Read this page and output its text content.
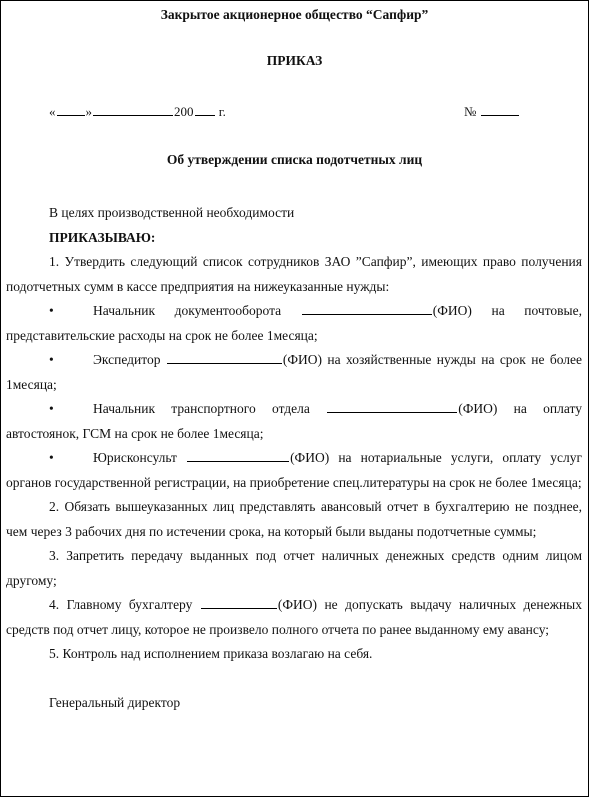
Закрытое акционерное общество “Сапфир”
ПРИКАЗ
« »	200 г.	№
Об утверждении списка подотчетных лиц

В целях производственной необходимости

ПРИКАЗЫВАЮ:

1. Утвердить следующий список сотрудников ЗАО ”Сапфир”, имеющих право получения подотчетных сумм в кассе предприятия на нижеуказанные нужды:

•	Начальник документооборота	(ФИО) на почтовые, представительские расходы на срок не более 1месяца;

•	Экспедитор	(ФИО) на хозяйственные нужды на срок не более 1месяца;

•	Начальник транспортного отдела	(ФИО) на оплату автостоянок, ГСМ на срок не более 1месяца;

•	Юрисконсульт	(ФИО) на нотариальные услуги, оплату услуг органов государственной регистрации, на приобретение спец.литературы на срок не более 1месяца;

2. Обязать вышеуказанных лиц представлять авансовый отчет в бухгалтерию не позднее, чем через 3 рабочих дня по истечении срока, на который были выданы подотчетные суммы;

3. Запретить передачу выданных под отчет наличных денежных средств одним лицом другому;

4. Главному бухгалтеру	(ФИО) не допускать выдачу наличных денежных средств под отчет лицу, которое не произвело полного отчета по ранее выданному ему авансу;

5. Контроль над исполнением приказа возлагаю на себя.

Генеральный директор
